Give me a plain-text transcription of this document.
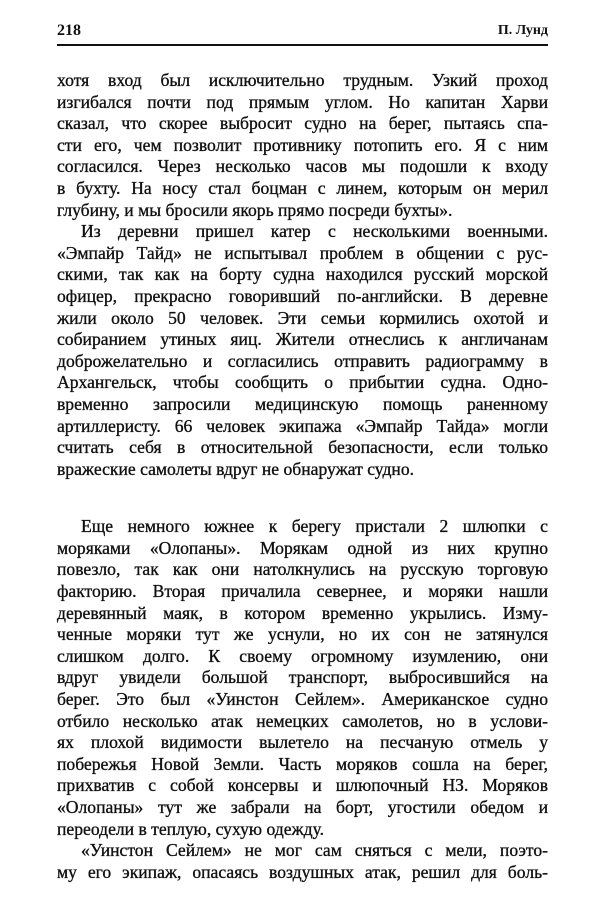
218	П. Лунд
хотя вход был исключительно трудным. Узкий проход
изгибался почти под прямым углом. Но капитан Харви
сказал, что скорее выбросит судно на берег, пытаясь спа-
сти его, чем позволит противнику потопить его. Я с ним
согласился. Через несколько часов мы подошли к входу
в бухту. На носу стал боцман с линем, которым он мерил
глубину, и мы бросили якорь прямо посреди бухты».
Из деревни пришел катер с несколькими военными.
«Эмпайр Тайд» не испытывал проблем в общении с рус-
скими, так как на борту судна находился русский морской
офицер, прекрасно говоривший по-английски. В деревне
жили около 50 человек. Эти семьи кормились охотой и
собиранием утиных яиц. Жители отнеслись к англичанам
доброжелательно и согласились отправить радиограмму в
Архангельск, чтобы сообщить о прибытии судна. Одно-
временно запросили медицинскую помощь раненному
артиллеристу. 66 человек экипажа «Эмпайр Тайда» могли
считать себя в относительной безопасности, если только
вражеские самолеты вдруг не обнаружат судно.
Еще немного южнее к берегу пристали 2 шлюпки с
моряками «Олопаны». Морякам одной из них крупно
повезло, так как они натолкнулись на русскую торговую
факторию. Вторая причалила севернее, и моряки нашли
деревянный маяк, в котором временно укрылись. Изму-
ченные моряки тут же уснули, но их сон не затянулся
слишком долго. К своему огромному изумлению, они
вдруг увидели большой транспорт, выбросившийся на
берег. Это был «Уинстон Сейлем». Американское судно
отбило несколько атак немецких самолетов, но в услови-
ях плохой видимости вылетело на песчаную отмель у
побережья Новой Земли. Часть моряков сошла на берег,
прихватив с собой консервы и шлюпочный НЗ. Моряков
«Олопаны» тут же забрали на борт, угостили обедом и
переодели в теплую, сухую одежду.
«Уинстон Сейлем» не мог сам сняться с мели, поэто-
му его экипаж, опасаясь воздушных атак, решил для боль-
